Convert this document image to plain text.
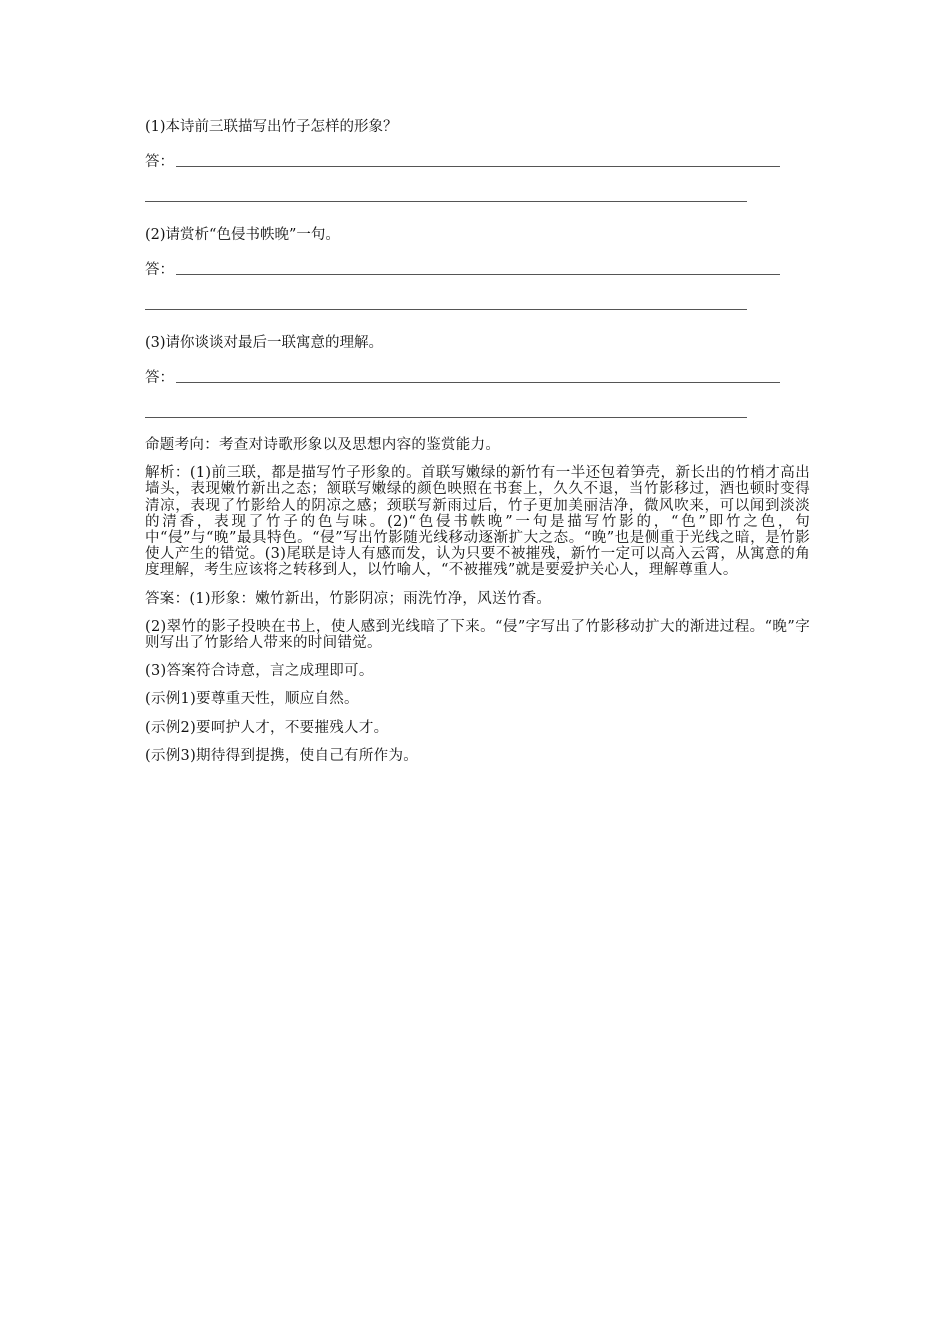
(1)本诗前三联描写出竹子怎样的形象？

答：

(2)请赏析“色侵书帙晚”一句。

答：

(3)请你谈谈对最后一联寓意的理解。

答：

命题考向：考查对诗歌形象以及思想内容的鉴赏能力。

解析：(1)前三联，都是描写竹子形象的。首联写嫩绿的新竹有一半还包着笋壳，新长出的竹梢才高出墙头，表现嫩竹新出之态；颔联写嫩绿的颜色映照在书套上，久久不退，当竹影移过，酒也顿时变得清凉，表现了竹影给人的阴凉之感；颈联写新雨过后，竹子更加美丽洁净，微风吹来，可以闻到淡淡的清香，表现了竹子的色与味。(2)“色侵书帙晚”一句是描写竹影的，“色”即竹之色，句中“侵”与“晚”最具特色。“侵”写出竹影随光线移动逐渐扩大之态。“晚”也是侧重于光线之暗，是竹影使人产生的错觉。(3)尾联是诗人有感而发，认为只要不被摧残，新竹一定可以高入云霄，从寓意的角度理解，考生应该将之转移到人，以竹喻人，“不被摧残”就是要爱护关心人，理解尊重人。

答案：(1)形象：嫩竹新出，竹影阴凉；雨洗竹净，风送竹香。

(2)翠竹的影子投映在书上，使人感到光线暗了下来。“侵”字写出了竹影移动扩大的渐进过程。“晚”字则写出了竹影给人带来的时间错觉。

(3)答案符合诗意，言之成理即可。

(示例1)要尊重天性，顺应自然。

(示例2)要呵护人才，不要摧残人才。

(示例3)期待得到提携，使自己有所作为。
